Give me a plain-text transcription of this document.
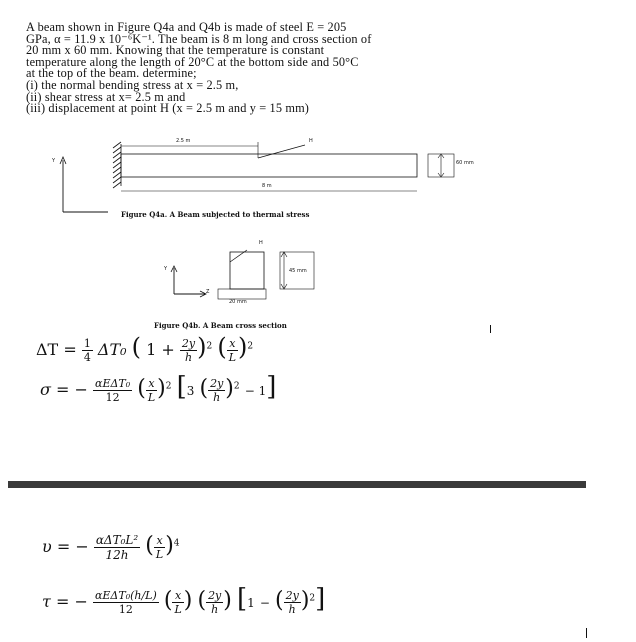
A beam shown in Figure Q4a and Q4b is made of steel E = 205
GPa, α = 11.9 x 10⁻⁶K⁻¹. The beam is 8 m long and cross section of
20 mm x 60 mm. Knowing that the temperature is constant
temperature along the length of 20°C at the bottom side and 50°C
at the top of the beam. determine;
(i) the normal bending stress at x = 2.5 m,
(ii) shear stress at x= 2.5 m and
(iii) displacement at point H (x = 2.5 m and y = 15 mm)
2.5 m	H
8 m
60 mm
Y
Figure Q4a. A Beam subjected to thermal stress
H
Y
Z
45 mm
20 mm
Figure Q4b. A Beam cross section
$\Delta T = \frac{1}{4} \Delta T_0$ ( $1 + \frac{2y}{h} )^2$ ( $\frac{x}{L} )^2$
σ = − $\frac{\text{αEΔT₀}}{12}$ ( $\frac{x}{L} )^2$ [3 ( $\frac{2y}{h} )^2 - 1$]
υ = − $\frac{\text{αΔT₀L²}}{12h}$ ( $\frac{x}{L} )^4$
τ = − $\frac{\text{αEΔT₀(h/L)}}{12}$ ( $\frac{x}{L}$ ) ( $\frac{2y}{h}$ ) [1 − ( $\frac{2y}{h} )^2$]
